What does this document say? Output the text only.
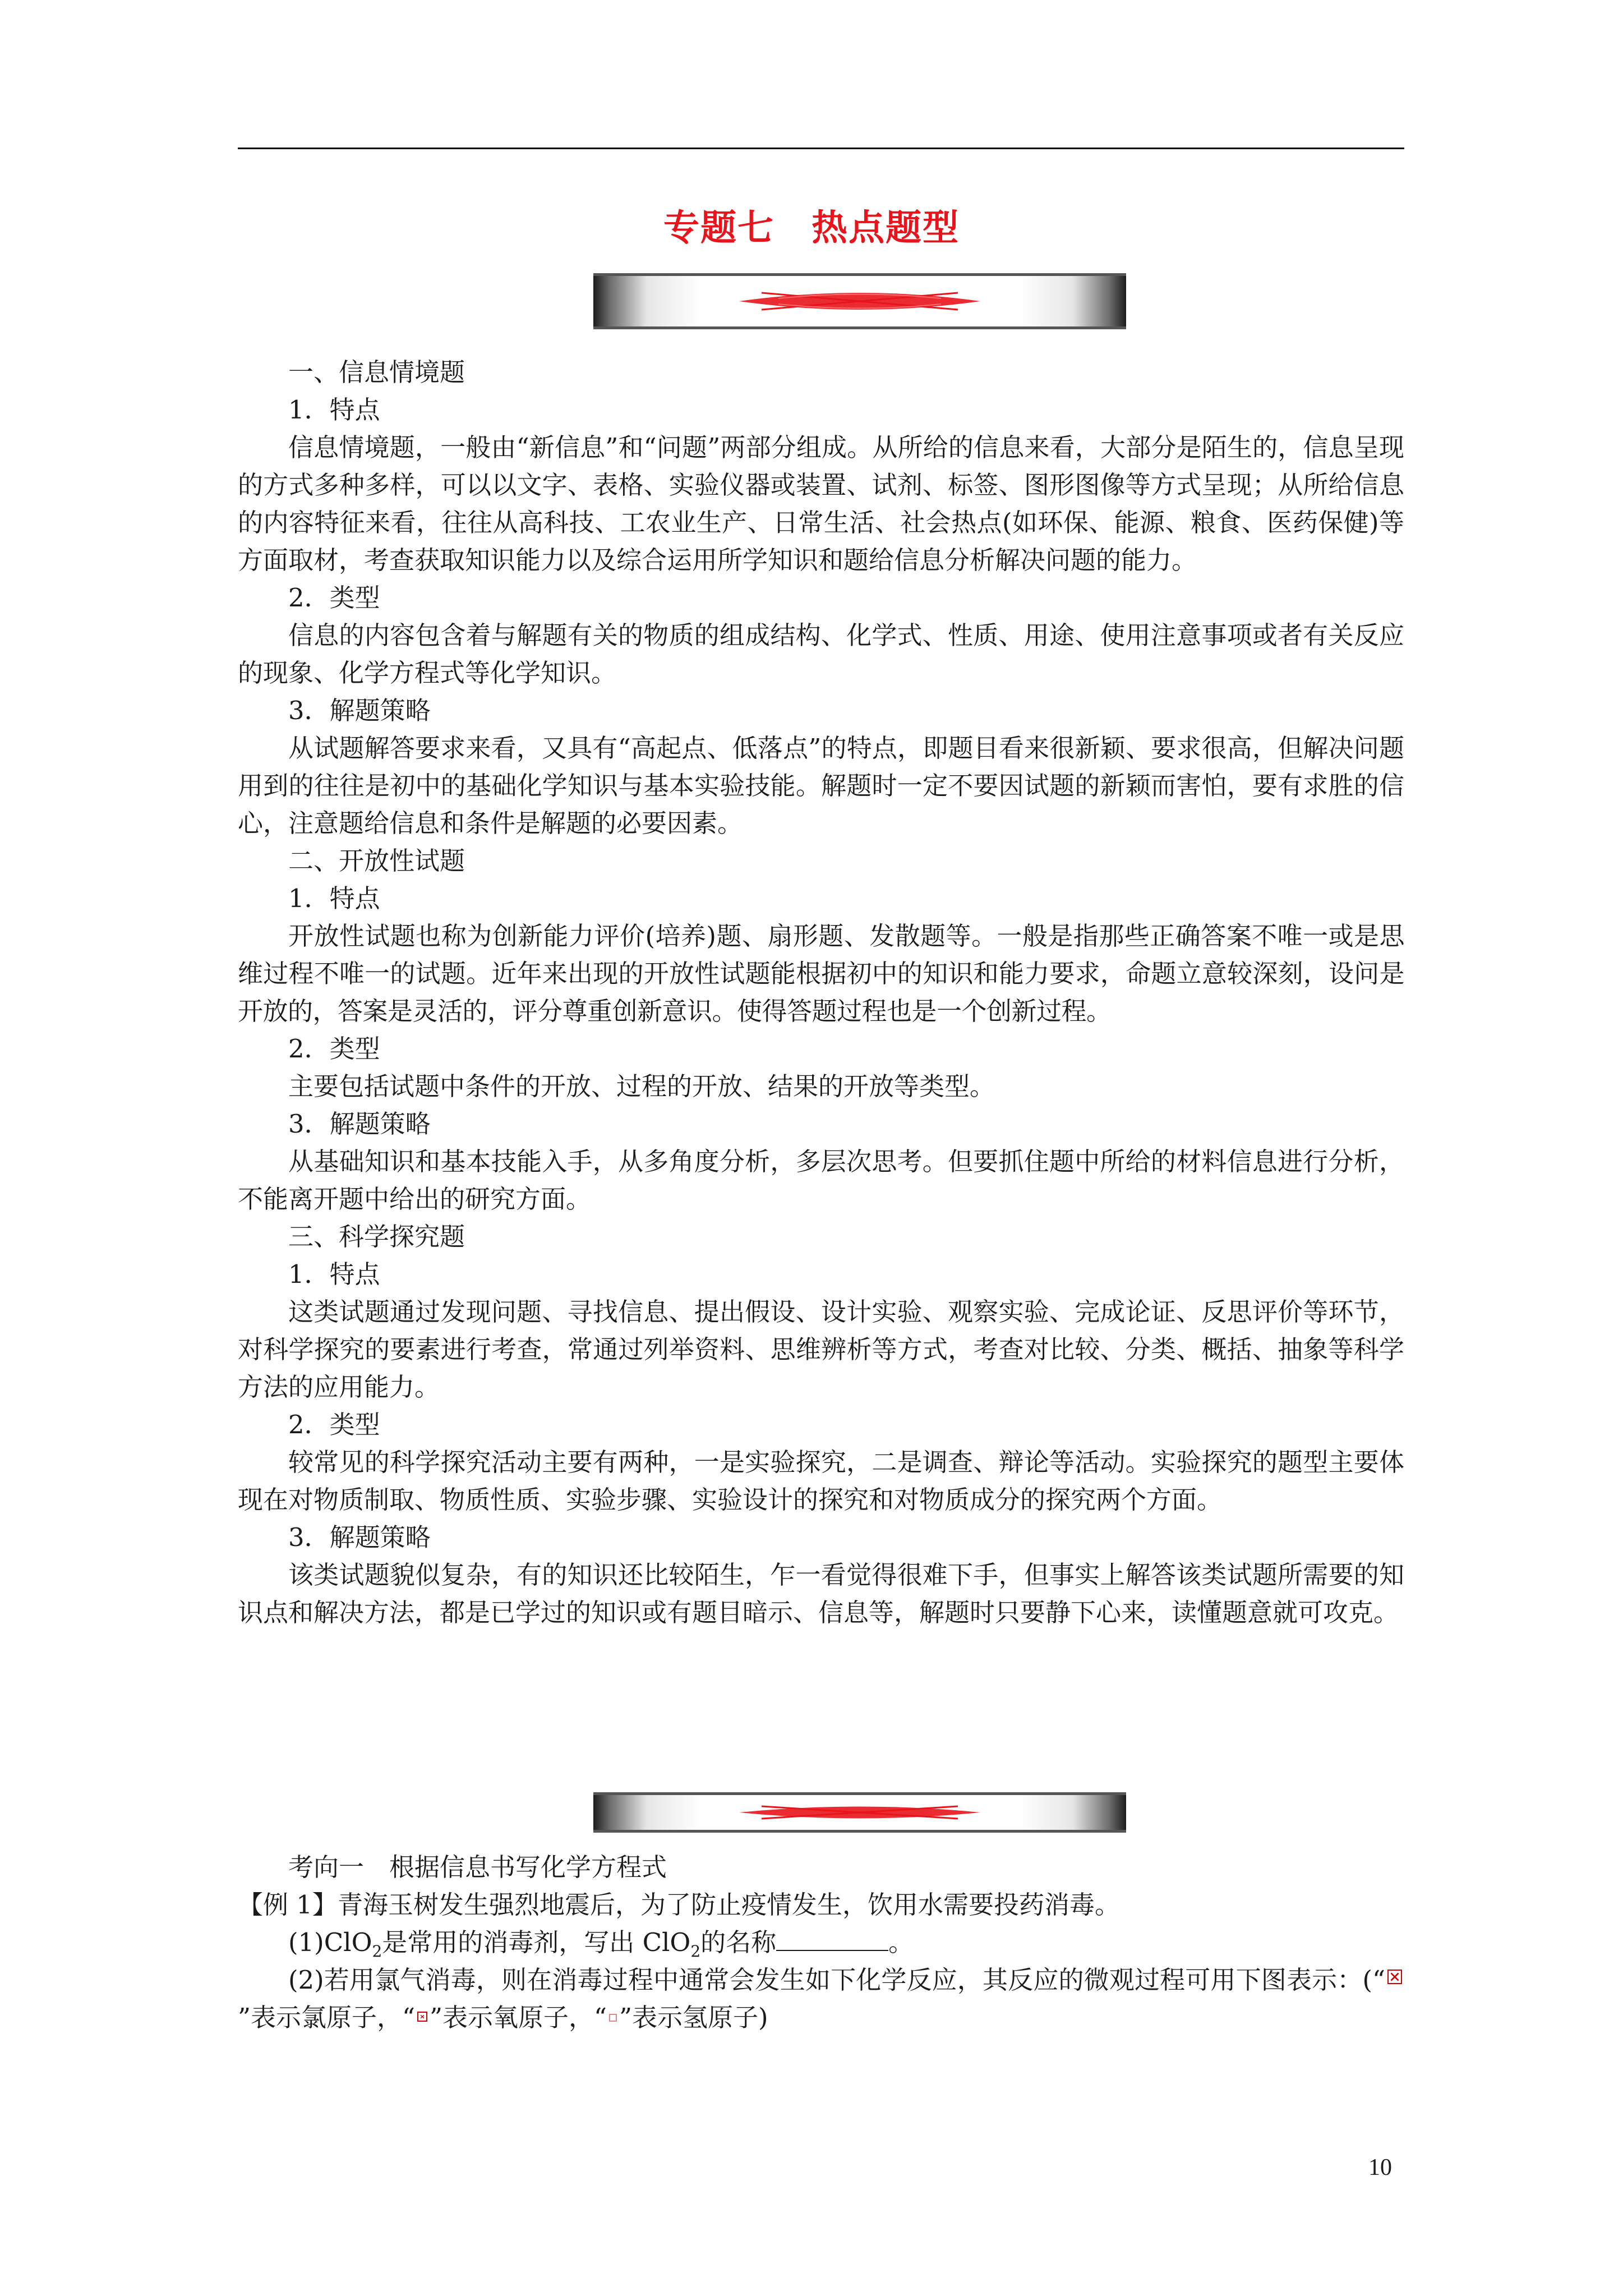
专题七　热点题型

一、信息情境题

1．特点

信息情境题，一般由“新信息”和“问题”两部分组成。从所给的信息来看，大部分是陌生的，信息呈现的方式多种多样，可以以文字、表格、实验仪器或装置、试剂、标签、图形图像等方式呈现；从所给信息的内容特征来看，往往从高科技、工农业生产、日常生活、社会热点(如环保、能源、粮食、医药保健)等方面取材，考查获取知识能力以及综合运用所学知识和题给信息分析解决问题的能力。

2．类型

信息的内容包含着与解题有关的物质的组成结构、化学式、性质、用途、使用注意事项或者有关反应的现象、化学方程式等化学知识。

3．解题策略

从试题解答要求来看，又具有“高起点、低落点”的特点，即题目看来很新颖、要求很高，但解决问题用到的往往是初中的基础化学知识与基本实验技能。解题时一定不要因试题的新颖而害怕，要有求胜的信心，注意题给信息和条件是解题的必要因素。

二、开放性试题

1．特点

开放性试题也称为创新能力评价(培养)题、扇形题、发散题等。一般是指那些正确答案不唯一或是思维过程不唯一的试题。近年来出现的开放性试题能根据初中的知识和能力要求，命题立意较深刻，设问是开放的，答案是灵活的，评分尊重创新意识。使得答题过程也是一个创新过程。

2．类型

主要包括试题中条件的开放、过程的开放、结果的开放等类型。

3．解题策略

从基础知识和基本技能入手，从多角度分析，多层次思考。但要抓住题中所给的材料信息进行分析，不能离开题中给出的研究方面。

三、科学探究题

1．特点

这类试题通过发现问题、寻找信息、提出假设、设计实验、观察实验、完成论证、反思评价等环节，对科学探究的要素进行考查，常通过列举资料、思维辨析等方式，考查对比较、分类、概括、抽象等科学方法的应用能力。

2．类型

较常见的科学探究活动主要有两种，一是实验探究，二是调查、辩论等活动。实验探究的题型主要体现在对物质制取、物质性质、实验步骤、实验设计的探究和对物质成分的探究两个方面。

3．解题策略

该类试题貌似复杂，有的知识还比较陌生，乍一看觉得很难下手，但事实上解答该类试题所需要的知识点和解决方法，都是已学过的知识或有题目暗示、信息等，解题时只要静下心来，读懂题意就可攻克。

考向一　根据信息书写化学方程式

【例 1】青海玉树发生强烈地震后，为了防止疫情发生，饮用水需要投药消毒。

(1)ClO$_2$是常用的消毒剂，写出 ClO$_2$的名称	。

(2)若用氯气消毒，则在消毒过程中通常会发生如下化学反应，其反应的微观过程可用下图表示：(“
”表示氯原子，“ ”表示氧原子，“ ”表示氢原子)

10
